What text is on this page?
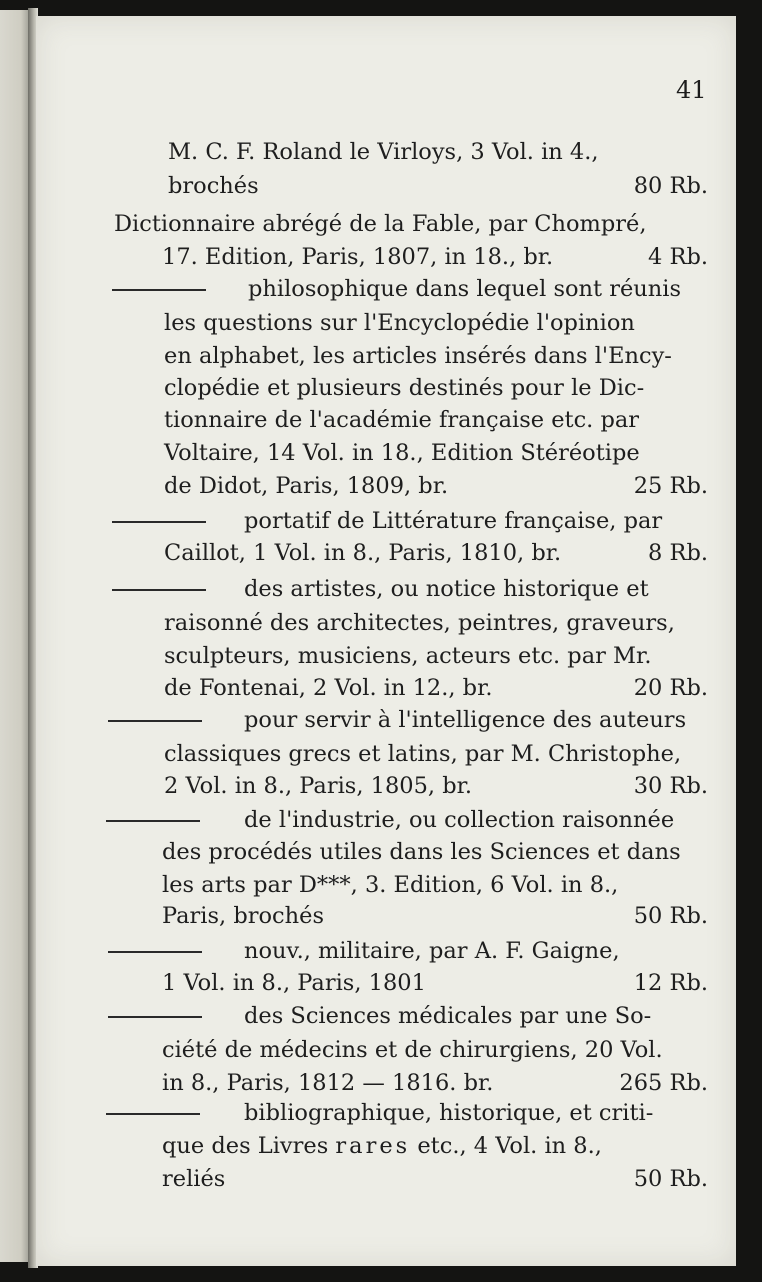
41
M. C. F. Roland le Virloys, 3 Vol. in 4.,
brochés	80 Rb.
Dictionnaire abrégé de la Fable, par Chompré,
17. Edition, Paris, 1807, in 18., br.	4 Rb.
philosophique dans lequel sont réunis
les questions sur l'Encyclopédie l'opinion
en alphabet, les articles insérés dans l'Ency-
clopédie et plusieurs destinés pour le Dic-
tionnaire de l'académie française etc. par
Voltaire, 14 Vol. in 18., Edition Stéréotipe
de Didot, Paris, 1809, br.	25 Rb.
portatif de Littérature française, par
Caillot, 1 Vol. in 8., Paris, 1810, br.	8 Rb.
des artistes, ou notice historique et
raisonné des architectes, peintres, graveurs,
sculpteurs, musiciens, acteurs etc. par Mr.
de Fontenai, 2 Vol. in 12., br.	20 Rb.
pour servir à l'intelligence des auteurs
classiques grecs et latins, par M. Christophe,
2 Vol. in 8., Paris, 1805, br.	30 Rb.
de l'industrie, ou collection raisonnée
des procédés utiles dans les Sciences et dans
les arts par D***, 3. Edition, 6 Vol. in 8.,
Paris, brochés	50 Rb.
nouv., militaire, par A. F. Gaigne,
1 Vol. in 8., Paris, 1801	12 Rb.
des Sciences médicales par une So-
ciété de médecins et de chirurgiens, 20 Vol.
in 8., Paris, 1812 — 1816. br.	265 Rb.
bibliographique, historique, et criti-
que des Livres rares etc., 4 Vol. in 8.,
reliés	50 Rb.
